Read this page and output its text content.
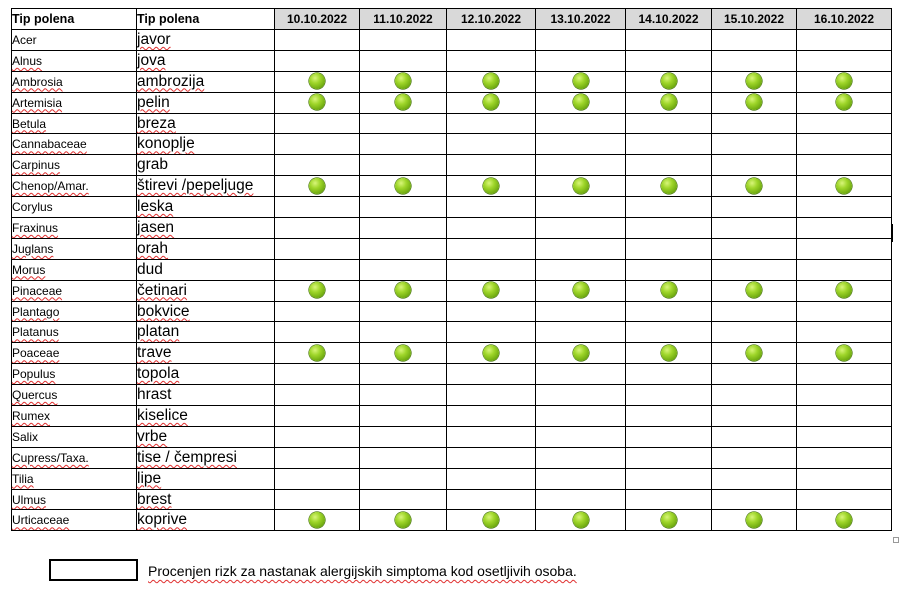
Tip polena	Tip polena	10.10.2022	11.10.2022	12.10.2022	13.10.2022	14.10.2022	15.10.2022	16.10.2022
Acer	javor							
Alnus	jova							
Ambrosia	ambrozija							
Artemisia	pelin							
Betula	breza							
Cannabaceae	konoplje							
Carpinus	grab							
Chenop/Amar.	štirevi /pepeljuge							
Corylus	leska							
Fraxinus	jasen							
Juglans	orah							
Morus	dud							
Pinaceae	četinari							
Plantago	bokvice							
Platanus	platan							
Poaceae	trave							
Populus	topola							
Quercus	hrast							
Rumex	kiselice							
Salix	vrbe							
Cupress/Taxa.	tise / čempresi							
Tilia	lipe							
Ulmus	brest							
Urticaceae	koprive							
Procenjen rizk za nastanak alergijskih simptoma kod osetljivih osoba.
